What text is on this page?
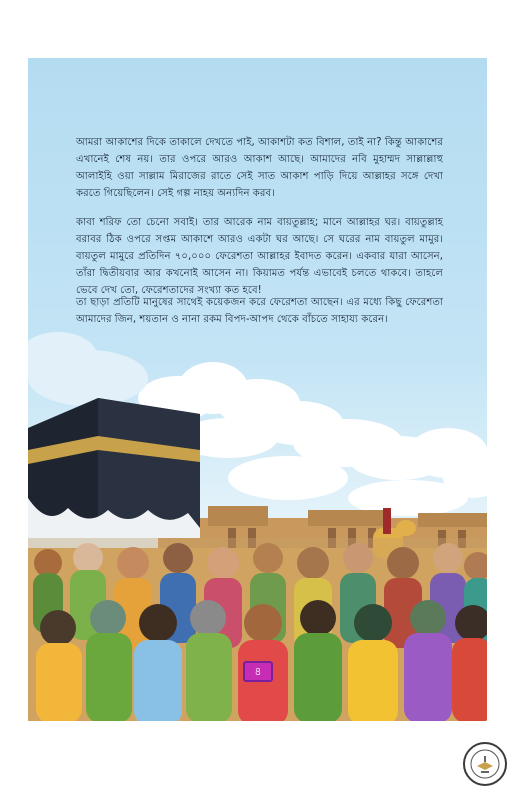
আমরা আকাশের দিকে তাকালে দেখতে পাই, আকাশটা কত বিশাল, তাই না? কিন্তু আকাশের এখানেই শেষ নয়। তার ওপরে আরও আকাশ আছে। আমাদের নবি মুহাম্মদ সাল্লাল্লাহু আলাইহি ওয়া সাল্লাম মিরাজের রাতে সেই সাত আকাশ পাড়ি দিয়ে আল্লাহর সঙ্গে দেখা করতে গিয়েছিলেন। সেই গল্প নাহয় অন্যদিন করব।

কাবা শরিফ তো চেনো সবাই। তার আরেক নাম বায়তুল্লাহ; মানে আল্লাহর ঘর। বায়তুল্লাহ বরাবর ঠিক ওপরে সপ্তম আকাশে আরও একটা ঘর আছে। সে ঘরের নাম বায়তুল মামুর। বায়তুল মামুরে প্রতিদিন ৭০,০০০ ফেরেশতা আল্লাহর ইবাদত করেন। একবার যারা আসেন, তাঁরা দ্বিতীয়বার আর কখনোই আসেন না। কিয়ামত পর্যন্ত এভাবেই চলতে থাকবে। তাহলে ভেবে দেখ তো, ফেরেশতাদের সংখ্যা কত হবে!

তা ছাড়া প্রতিটি মানুষের সাথেই কয়েকজন করে ফেরেশতা আছেন। এর মধ্যে কিছু ফেরেশতা আমাদের জিন, শয়তান ও নানা রকম বিপদ-আপদ থেকে বাঁচতে সাহায্য করেন।

৪
